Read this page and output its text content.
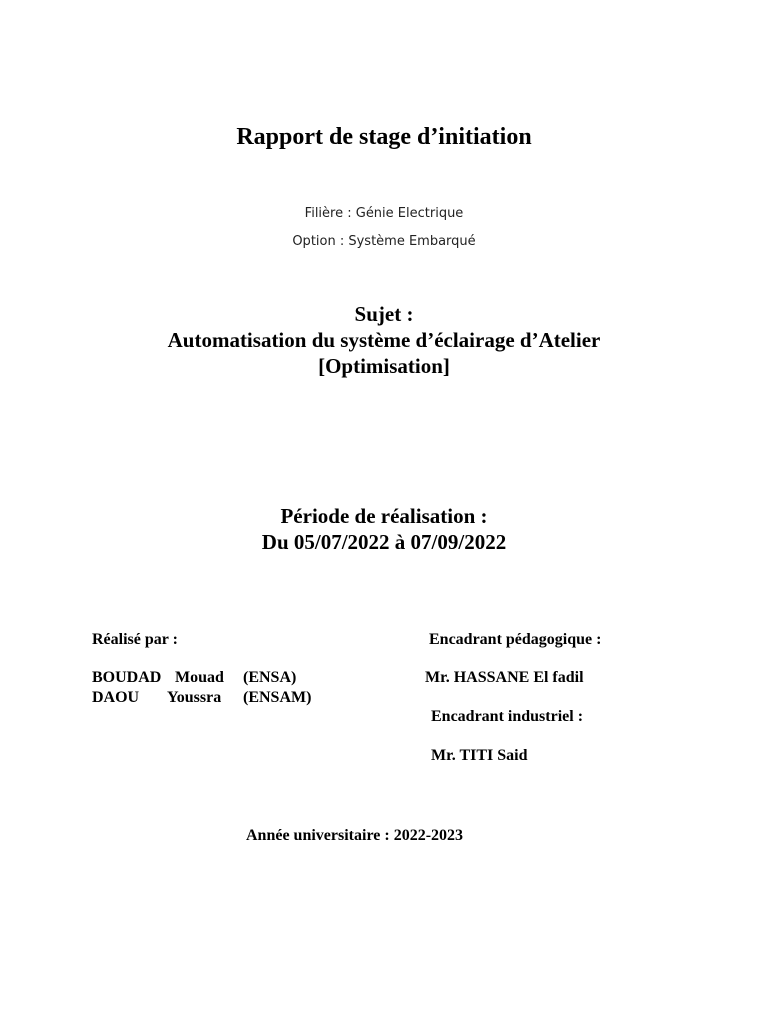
Rapport de stage d’initiation
Filière : Génie Electrique
Option : Système Embarqué
Sujet :
Automatisation du système d’éclairage d’Atelier
[Optimisation]
Période de réalisation :
Du 05/07/2022 à 07/09/2022
Réalisé par :
BOUDAD Mouad (ENSA)
DAOU Youssra (ENSAM)
Encadrant pédagogique :
Mr. HASSANE El fadil
Encadrant industriel :
Mr. TITI Said
Année universitaire : 2022-2023
